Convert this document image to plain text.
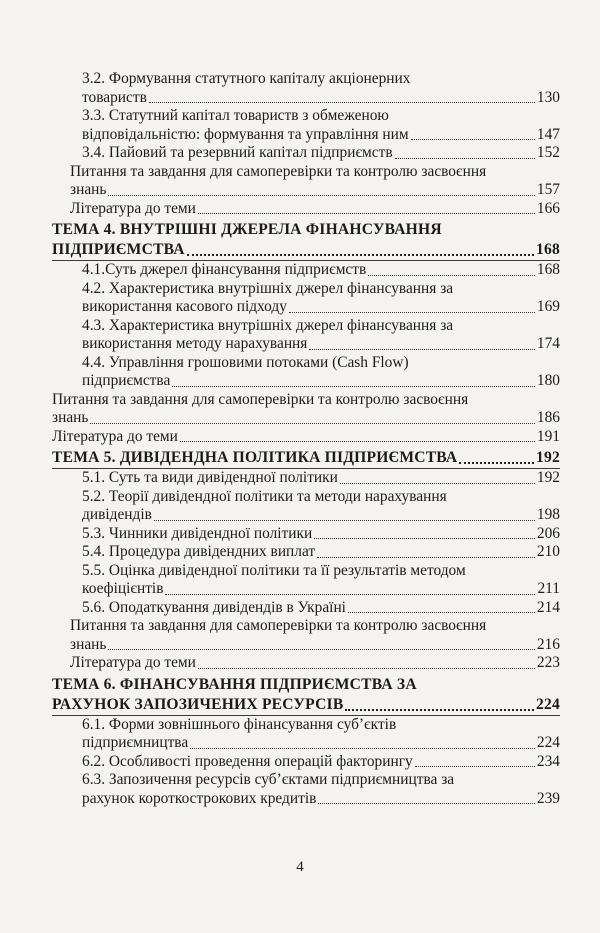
3.2. Формування статутного капіталу акціонерних
товариств	130
3.3. Статутний капітал товариств з обмеженою
відповідальністю: формування та управління ним	147
3.4. Пайовий та резервний капітал підприємств	152
Питання та завдання для самоперевірки та контролю засвоєння
знань	157
Література до теми	166
ТЕМА 4. ВНУТРІШНІ ДЖЕРЕЛА ФІНАНСУВАННЯ
ПІДПРИЄМСТВА	168
4.1.Суть джерел фінансування підприємств	168
4.2. Характеристика внутрішніх джерел фінансування за
використання касового підходу	169
4.3. Характеристика внутрішніх джерел фінансування за
використання методу нарахування	174
4.4. Управління грошовими потоками (Cash Flow)
підприємства	180
Питання та завдання для самоперевірки та контролю засвоєння
знань	186
Література до теми	191
ТЕМА 5. ДИВІДЕНДНА ПОЛІТИКА ПІДПРИЄМСТВА	192
5.1. Суть та види дивідендної політики	192
5.2. Теорії дивідендної політики та методи нарахування
дивідендів	198
5.3. Чинники дивідендної політики	206
5.4. Процедура дивідендних виплат	210
5.5. Оцінка дивідендної політики та її результатів методом
коефіцієнтів	211
5.6. Оподаткування дивідендів в Україні	214
Питання та завдання для самоперевірки та контролю засвоєння
знань	216
Література до теми	223
ТЕМА 6. ФІНАНСУВАННЯ ПІДПРИЄМСТВА ЗА
РАХУНОК ЗАПОЗИЧЕНИХ РЕСУРСІВ	224
6.1. Форми зовнішнього фінансування суб’єктів
підприємництва	224
6.2. Особливості проведення операцій факторингу	234
6.3. Запозичення ресурсів суб’єктами підприємництва за
рахунок короткострокових кредитів	239
4
